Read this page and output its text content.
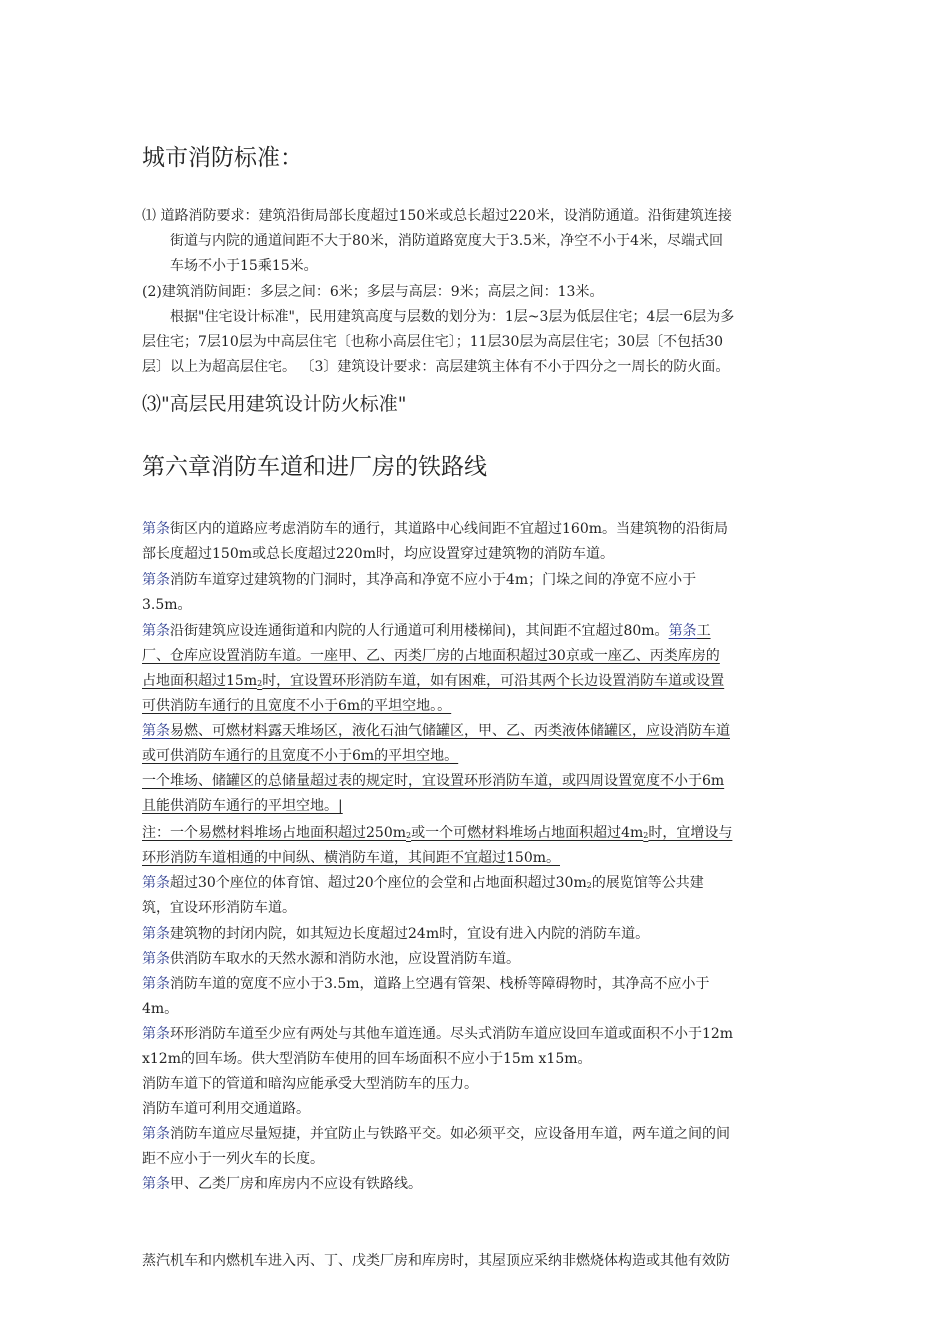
城市消防标准：
⑴ 道路消防要求：建筑沿街局部长度超过150米或总长超过220米，设消防通道。沿街建筑连接
街道与内院的通道间距不大于80米，消防道路宽度大于3.5米，净空不小于4米，尽端式回
车场不小于15乘15米。
(2)建筑消防间距：多层之间：6米；多层与高层：9米；高层之间：13米。
根据"住宅设计标准"，民用建筑高度与层数的划分为：1层~3层为低层住宅；4层一6层为多
层住宅；7层10层为中高层住宅〔也称小高层住宅〕；11层30层为高层住宅；30层〔不包括30
层〕以上为超高层住宅。 〔3〕建筑设计要求：高层建筑主体有不小于四分之一周长的防火面。
⑶"高层民用建筑设计防火标准"
第六章消防车道和进厂房的铁路线
第条街区内的道路应考虑消防车的通行，其道路中心线间距不宜超过160m。当建筑物的沿街局
部长度超过150m或总长度超过220m时，均应设置穿过建筑物的消防车道。
第条消防车道穿过建筑物的门洞时，其净高和净宽不应小于4m；门垛之间的净宽不应小于
3.5m。
第条沿街建筑应设连通街道和内院的人行通道可利用楼梯间)，其间距不宜超过80m。第条工
厂、仓库应设置消防车道。一座甲、乙、丙类厂房的占地面积超过30京或一座乙、丙类库房的
占地面积超过$15m_2$时，宜设置环形消防车道，如有困难，可沿其两个长边设置消防车道或设置
可供消防车通行的且宽度不小于6m的平坦空地。。
第条易燃、可燃材料露天堆场区，液化石油气储罐区，甲、乙、丙类液体储罐区，应设消防车道
或可供消防车通行的且宽度不小于6m的平坦空地。
一个堆场、储罐区的总储量超过表的规定时，宜设置环形消防车道，或四周设置宽度不小于6m
且能供消防车通行的平坦空地。|
注：一个易燃材料堆场占地面积超过$250m_2$或一个可燃材料堆场占地面积超过$4m_2$时，宜增设与
环形消防车道相通的中间纵、横消防车道，其间距不宜超过150m。
第条超过30个座位的体育馆、超过20个座位的会堂和占地面积超过$30m_2$的展览馆等公共建
筑，宜设环形消防车道。
第条建筑物的封闭内院，如其短边长度超过24m时，宜设有进入内院的消防车道。
第条供消防车取水的天然水源和消防水池，应设置消防车道。
第条消防车道的宽度不应小于3.5m，道路上空遇有管架、栈桥等障碍物时，其净高不应小于
4m。
第条环形消防车道至少应有两处与其他车道连通。尽头式消防车道应设回车道或面积不小于12m
x12m的回车场。供大型消防车使用的回车场面积不应小于15m x15m。
消防车道下的管道和暗沟应能承受大型消防车的压力。
消防车道可利用交通道路。
第条消防车道应尽量短捷，并宜防止与铁路平交。如必须平交，应设备用车道，两车道之间的间
距不应小于一列火车的长度。
第条甲、乙类厂房和库房内不应设有铁路线。
蒸汽机车和内燃机车进入丙、丁、戊类厂房和库房时，其屋顶应采纳非燃烧体构造或其他有效防
